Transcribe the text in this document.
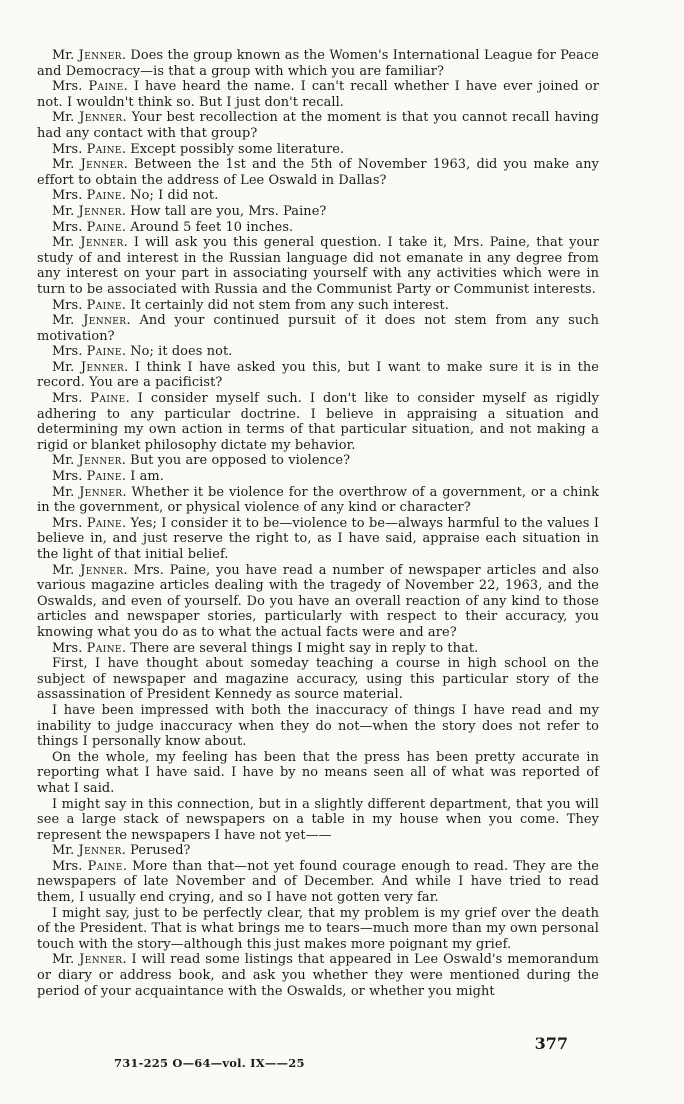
Mr. Jenner. Does the group known as the Women's International League for Peace and Democracy—is that a group with which you are familiar?

Mrs. Paine. I have heard the name. I can't recall whether I have ever joined or not. I wouldn't think so. But I just don't recall.

Mr. Jenner. Your best recollection at the moment is that you cannot recall having had any contact with that group?

Mrs. Paine. Except possibly some literature.

Mr. Jenner. Between the 1st and the 5th of November 1963, did you make any effort to obtain the address of Lee Oswald in Dallas?

Mrs. Paine. No; I did not.

Mr. Jenner. How tall are you, Mrs. Paine?

Mrs. Paine. Around 5 feet 10 inches.

Mr. Jenner. I will ask you this general question. I take it, Mrs. Paine, that your study of and interest in the Russian language did not emanate in any degree from any interest on your part in associating yourself with any activities which were in turn to be associated with Russia and the Communist Party or Communist interests.

Mrs. Paine. It certainly did not stem from any such interest.

Mr. Jenner. And your continued pursuit of it does not stem from any such motivation?

Mrs. Paine. No; it does not.

Mr. Jenner. I think I have asked you this, but I want to make sure it is in the record. You are a pacificist?

Mrs. Paine. I consider myself such. I don't like to consider myself as rigidly adhering to any particular doctrine. I believe in appraising a situation and determining my own action in terms of that particular situation, and not making a rigid or blanket philosophy dictate my behavior.

Mr. Jenner. But you are opposed to violence?

Mrs. Paine. I am.

Mr. Jenner. Whether it be violence for the overthrow of a government, or a chink in the government, or physical violence of any kind or character?

Mrs. Paine. Yes; I consider it to be—violence to be—always harmful to the values I believe in, and just reserve the right to, as I have said, appraise each situation in the light of that initial belief.

Mr. Jenner. Mrs. Paine, you have read a number of newspaper articles and also various magazine articles dealing with the tragedy of November 22, 1963, and the Oswalds, and even of yourself. Do you have an overall reaction of any kind to those articles and newspaper stories, particularly with respect to their accuracy, you knowing what you do as to what the actual facts were and are?

Mrs. Paine. There are several things I might say in reply to that.

First, I have thought about someday teaching a course in high school on the subject of newspaper and magazine accuracy, using this particular story of the assassination of President Kennedy as source material.

I have been impressed with both the inaccuracy of things I have read and my inability to judge inaccuracy when they do not—when the story does not refer to things I personally know about.

On the whole, my feeling has been that the press has been pretty accurate in reporting what I have said. I have by no means seen all of what was reported of what I said.

I might say in this connection, but in a slightly different department, that you will see a large stack of newspapers on a table in my house when you come. They represent the newspapers I have not yet——

Mr. Jenner. Perused?

Mrs. Paine. More than that—not yet found courage enough to read. They are the newspapers of late November and of December. And while I have tried to read them, I usually end crying, and so I have not gotten very far.

I might say, just to be perfectly clear, that my problem is my grief over the death of the President. That is what brings me to tears—much more than my own personal touch with the story—although this just makes more poignant my grief.

Mr. Jenner. I will read some listings that appeared in Lee Oswald's memorandum or diary or address book, and ask you whether they were mentioned during the period of your acquaintance with the Oswalds, or whether you might

377
731-225 O—64—vol. IX——25
